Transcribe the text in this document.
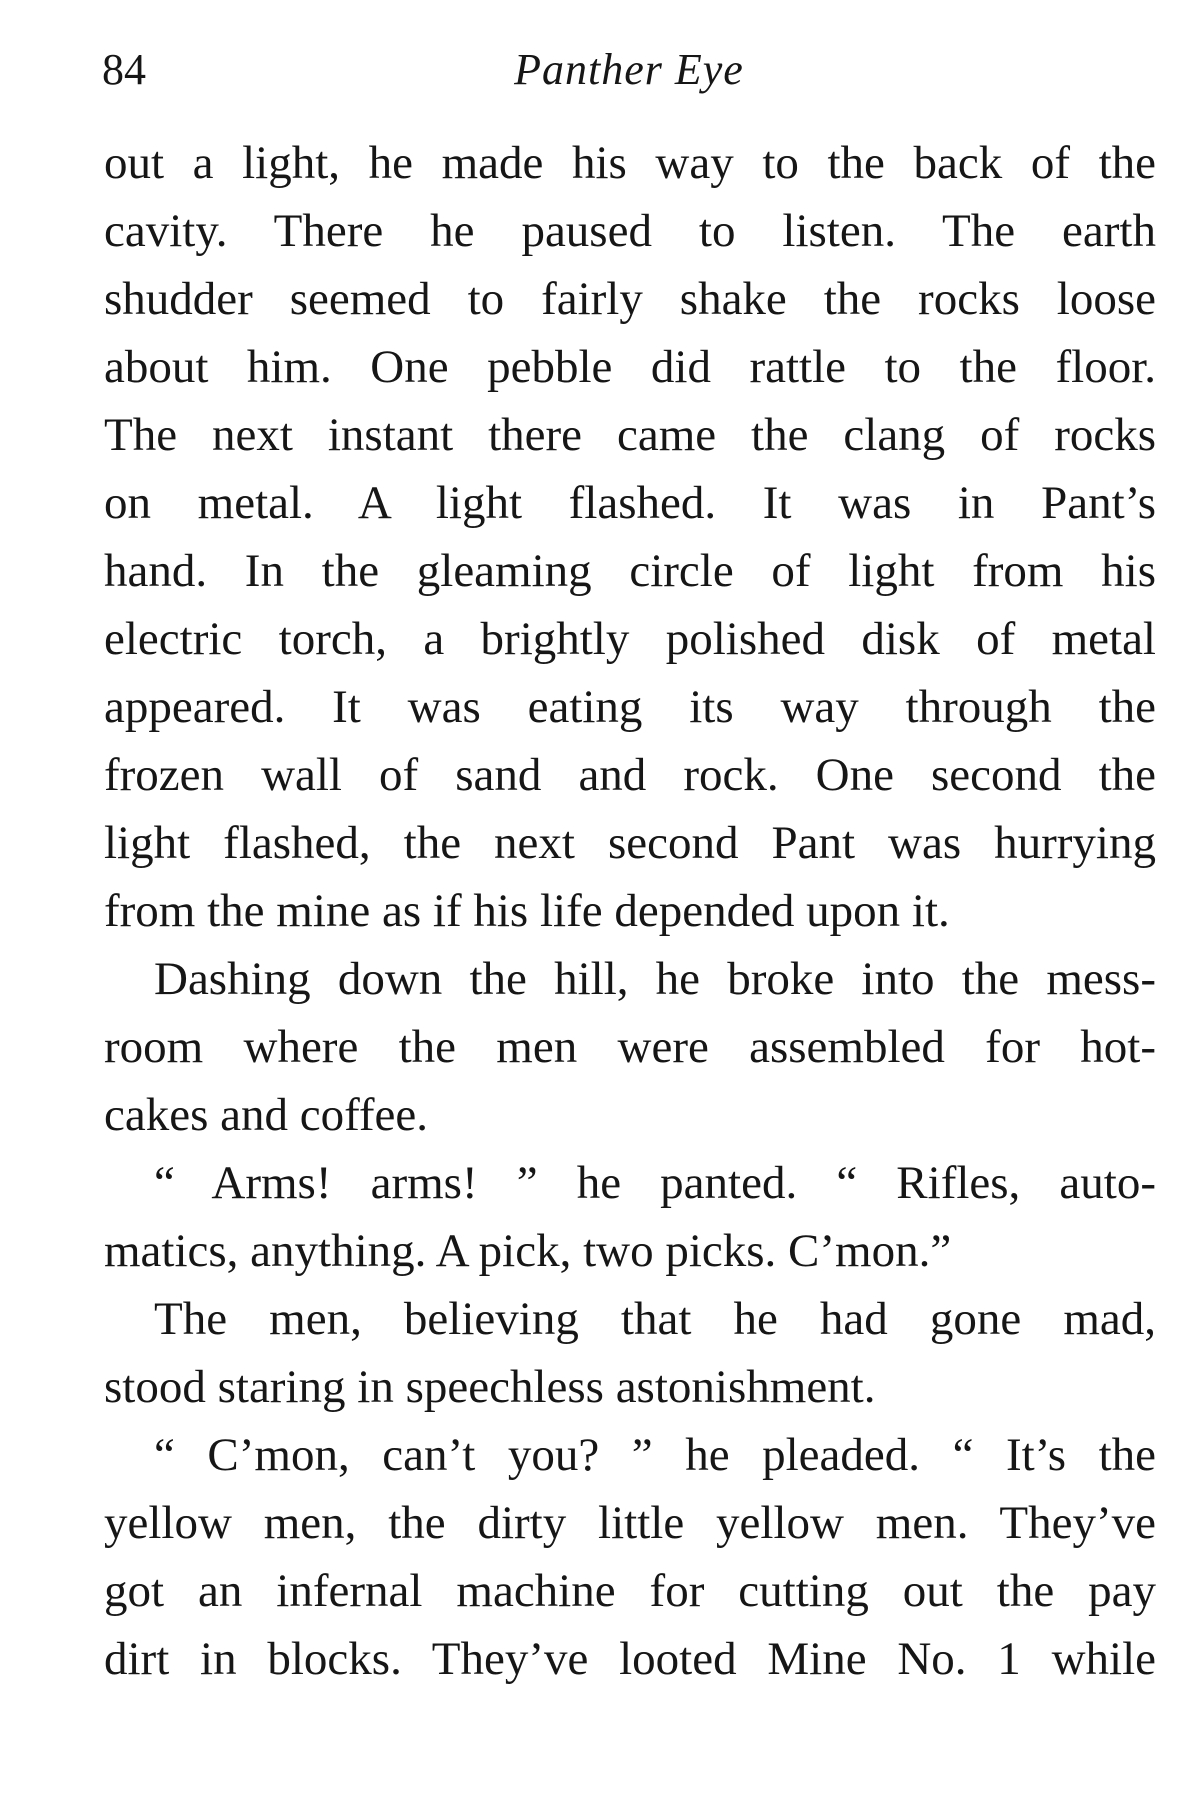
84	Panther Eye
out a light, he made his way to the back of the
cavity. There he paused to listen. The earth
shudder seemed to fairly shake the rocks loose
about him. One pebble did rattle to the floor.
The next instant there came the clang of rocks
on metal. A light flashed. It was in Pant’s
hand. In the gleaming circle of light from his
electric torch, a brightly polished disk of metal
appeared. It was eating its way through the
frozen wall of sand and rock. One second the
light flashed, the next second Pant was hurrying
from the mine as if his life depended upon it.
Dashing down the hill, he broke into the mess-
room where the men were assembled for hot-
cakes and coffee.
“ Arms! arms! ” he panted. “ Rifles, auto-
matics, anything. A pick, two picks. C’mon.”
The men, believing that he had gone mad,
stood staring in speechless astonishment.
“ C’mon, can’t you? ” he pleaded. “ It’s the
yellow men, the dirty little yellow men. They’ve
got an infernal machine for cutting out the pay
dirt in blocks. They’ve looted Mine No. 1 while
